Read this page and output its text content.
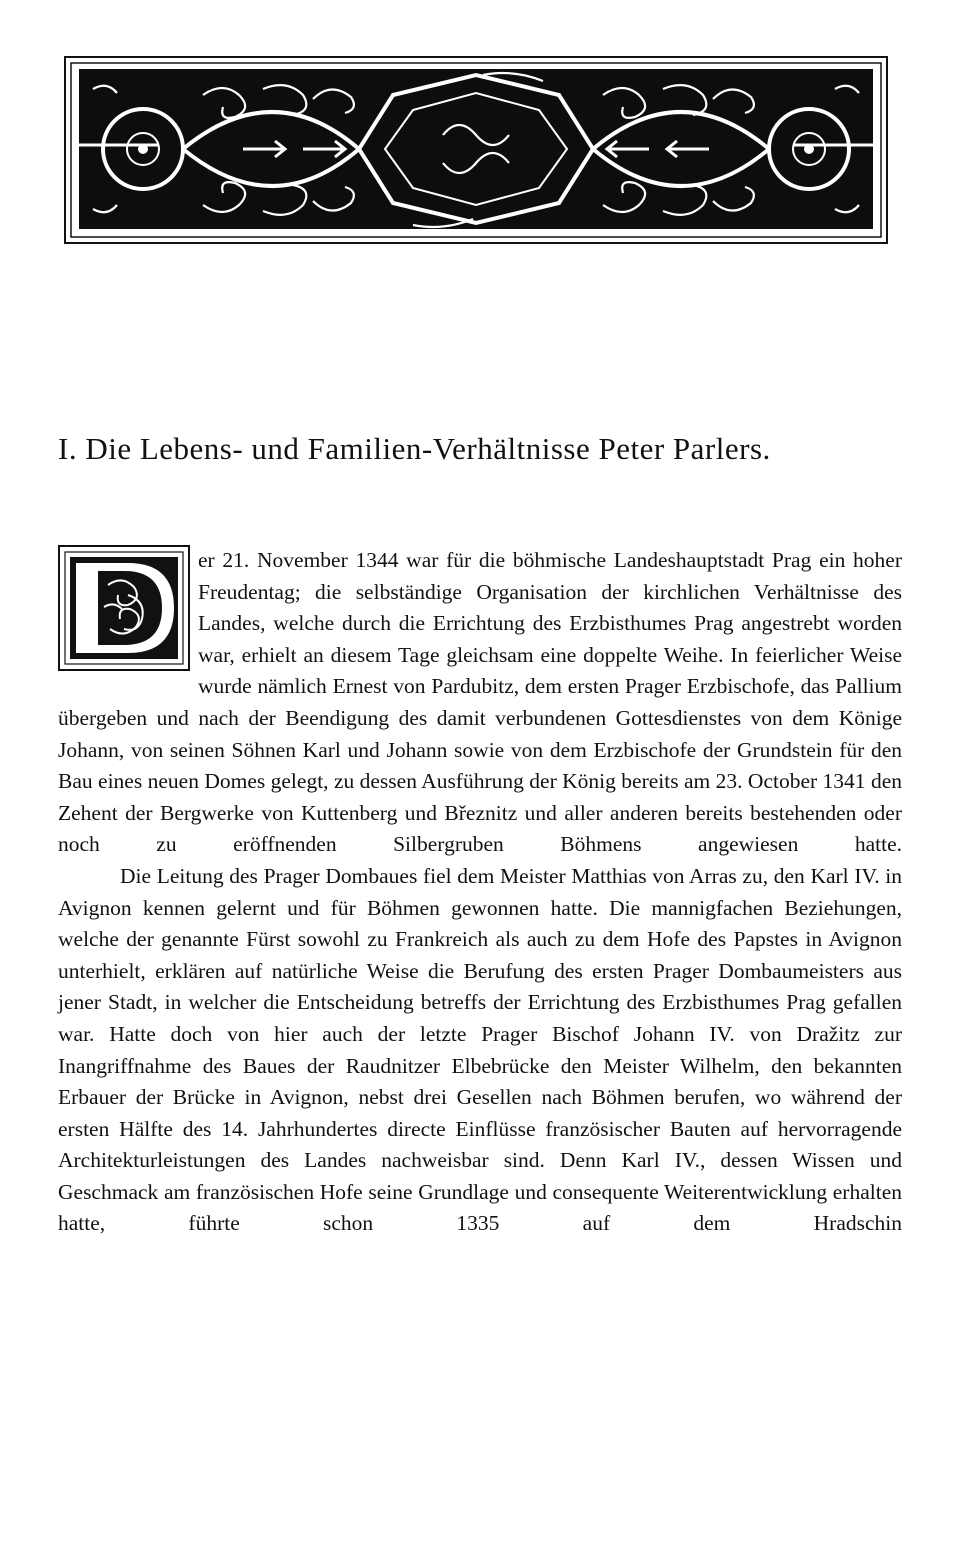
I. Die Lebens- und Familien-Verhältnisse Peter Parlers.

er 21. November 1344 war für die böhmische Landeshauptstadt Prag ein hoher Freudentag; die selbständige Organisation der kirchlichen Verhältnisse des Landes, welche durch die Errichtung des Erzbisthumes Prag angestrebt worden war, erhielt an diesem Tage gleichsam eine doppelte Weihe. In feierlicher Weise wurde nämlich Ernest von Pardubitz, dem ersten Prager Erzbischofe, das Pallium übergeben und nach der Beendigung des damit verbundenen Gottesdienstes von dem Könige Johann, von seinen Söhnen Karl und Johann sowie von dem Erzbischofe der Grundstein für den Bau eines neuen Domes gelegt, zu dessen Ausführung der König bereits am 23. October 1341 den Zehent der Bergwerke von Kuttenberg und Březnitz und aller anderen bereits bestehenden oder noch zu eröffnenden Silbergruben Böhmens angewiesen hatte.

Die Leitung des Prager Dombaues fiel dem Meister Matthias von Arras zu, den Karl IV. in Avignon kennen gelernt und für Böhmen gewonnen hatte. Die mannigfachen Beziehungen, welche der genannte Fürst sowohl zu Frankreich als auch zu dem Hofe des Papstes in Avignon unterhielt, erklären auf natürliche Weise die Berufung des ersten Prager Dombaumeisters aus jener Stadt, in welcher die Entscheidung betreffs der Errichtung des Erzbisthumes Prag gefallen war. Hatte doch von hier auch der letzte Prager Bischof Johann IV. von Dražitz zur Inangriffnahme des Baues der Raudnitzer Elbebrücke den Meister Wilhelm, den bekannten Erbauer der Brücke in Avignon, nebst drei Gesellen nach Böhmen berufen, wo während der ersten Hälfte des 14. Jahrhundertes directe Einflüsse französischer Bauten auf hervorragende Architekturleistungen des Landes nachweisbar sind. Denn Karl IV., dessen Wissen und Geschmack am französischen Hofe seine Grundlage und consequente Weiterentwicklung erhalten hatte, führte schon 1335 auf dem Hradschin
